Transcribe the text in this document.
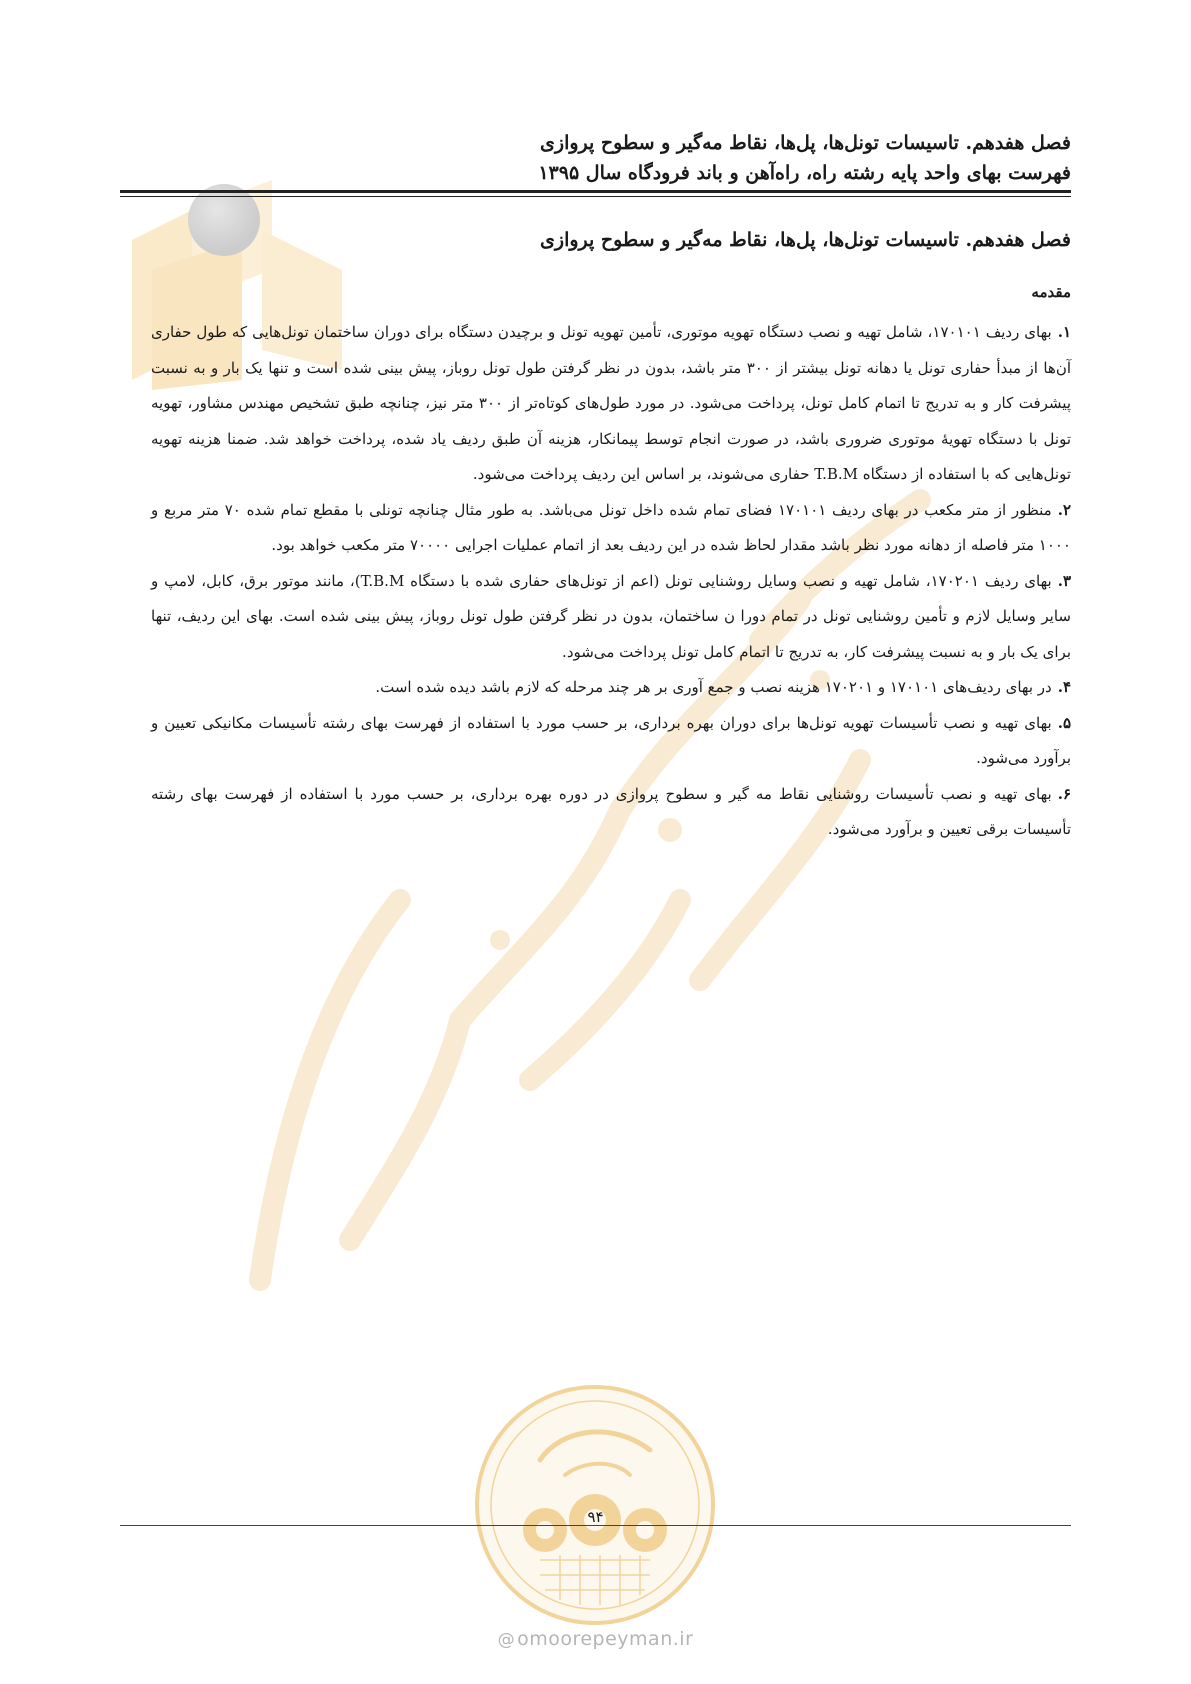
فصل هفدهم. تاسیسات تونل‌ها، پل‌ها، نقاط مه‌گیر و سطوح پروازی
فهرست بهای واحد پایه رشته راه، راه‌آهن و باند فرودگاه سال ۱۳۹۵
فصل هفدهم. تاسیسات تونل‌ها، پل‌ها، نقاط مه‌گیر و سطوح پروازی
مقدمه

۱.بهای ردیف ۱۷۰۱۰۱، شامل تهیه و نصب دستگاه تهویه موتوری، تأمین تهویه تونل و برچیدن دستگاه برای دوران ساختمان تونل‌هایی که طول حفاری آن‌ها از مبدأ حفاری تونل یا دهانه تونل بیشتر از ۳۰۰ متر باشد، بدون در نظر گرفتن طول تونل روباز، پیش بینی شده است و تنها یک بار و به نسبت پیشرفت کار و به تدریج تا اتمام کامل تونل، پرداخت می‌شود. در مورد طول‌های کوتاه‌تر از ۳۰۰ متر نیز، چنانچه طبق تشخیص مهندس مشاور، تهویه تونل با دستگاه تهویهٔ موتوری ضروری باشد، در صورت انجام توسط پیمانکار، هزینه آن طبق ردیف یاد شده، پرداخت خواهد شد. ضمنا هزینه تهویه تونل‌هایی که با استفاده از دستگاه T.B.M حفاری می‌شوند، بر اساس این ردیف پرداخت می‌شود.

۲.منظور از متر مکعب در بهای ردیف ۱۷۰۱۰۱ فضای تمام شده داخل تونل می‌باشد. به طور مثال چنانچه تونلی با مقطع تمام شده ۷۰ متر مربع و ۱۰۰۰ متر فاصله از دهانه مورد نظر باشد مقدار لحاظ شده در این ردیف بعد از اتمام عملیات اجرایی ۷۰۰۰۰ متر مکعب خواهد بود.

۳.بهای ردیف ۱۷۰۲۰۱، شامل تهیه و نصب وسایل روشنایی تونل (اعم از تونل‌های حفاری شده با دستگاه T.B.M)، مانند موتور برق، کابل، لامپ و سایر وسایل لازم و تأمین روشنایی تونل در تمام دورا ن ساختمان، بدون در نظر گرفتن طول تونل روباز، پیش بینی شده است. بهای این ردیف، تنها برای یک بار و به نسبت پیشرفت کار، به تدریج تا اتمام کامل تونل پرداخت می‌شود.

۴.در بهای ردیف‌های ۱۷۰۱۰۱ و ۱۷۰۲۰۱ هزینه نصب و جمع آوری بر هر چند مرحله که لازم باشد دیده شده است.

۵.بهای تهیه و نصب تأسیسات تهویه تونل‌ها برای دوران بهره برداری، بر حسب مورد با استفاده از فهرست بهای رشته تأسیسات مکانیکی تعیین و برآورد می‌شود.

۶.بهای تهیه و نصب تأسیسات روشنایی نقاط مه گیر و سطوح پروازی در دوره بهره برداری، بر حسب مورد با استفاده از فهرست بهای رشته تأسیسات برقی تعیین و برآورد می‌شود.

۹۴
@ omoorepeyman.ir
